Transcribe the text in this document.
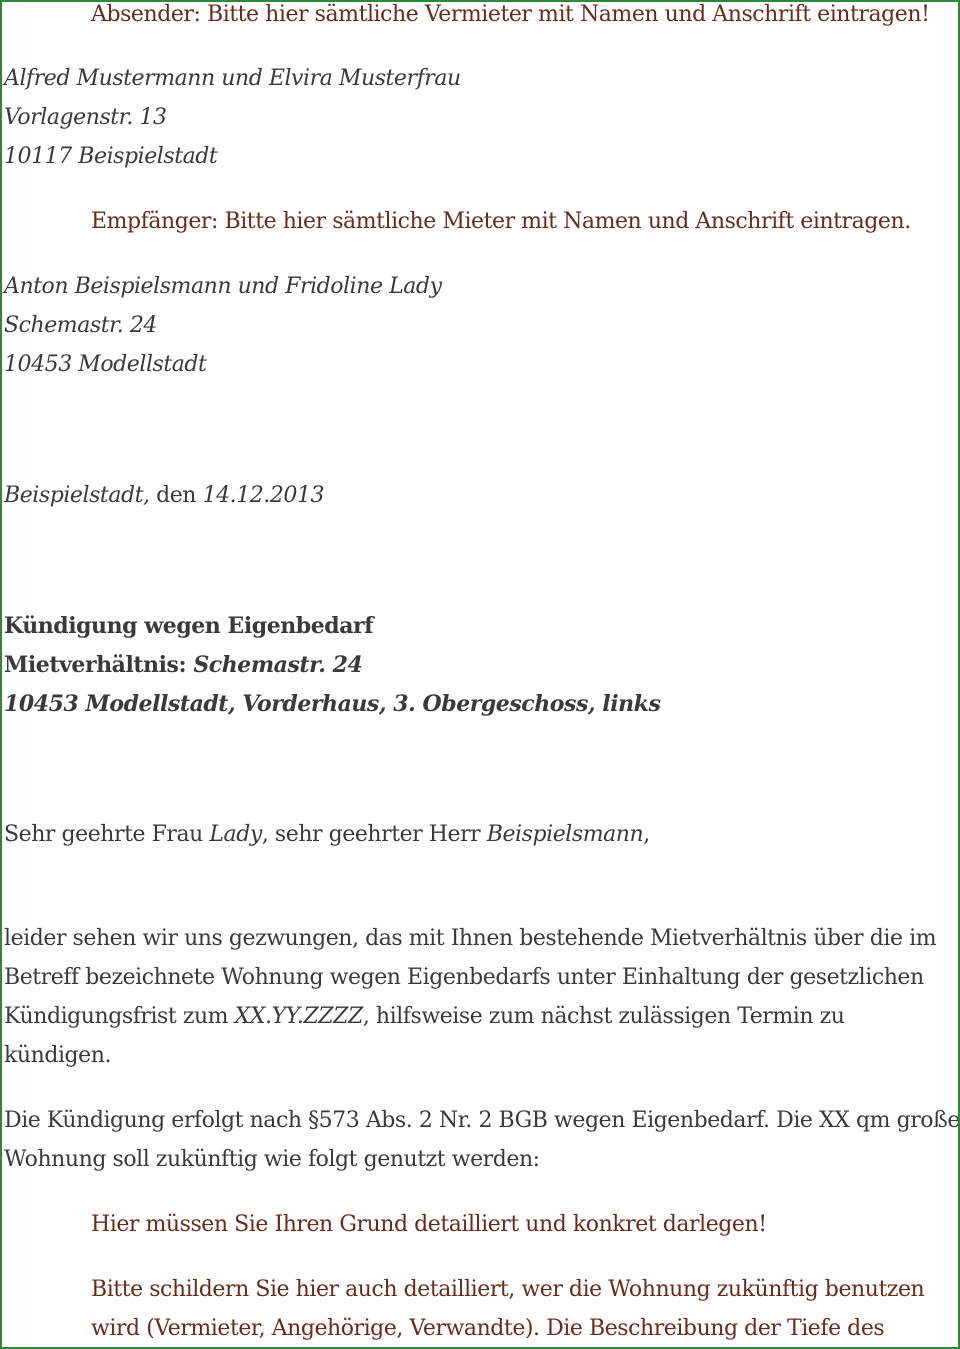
Absender: Bitte hier sämtliche Vermieter mit Namen und Anschrift eintragen!
Alfred Mustermann und Elvira Musterfrau
Vorlagenstr. 13
10117 Beispielstadt
Empfänger: Bitte hier sämtliche Mieter mit Namen und Anschrift eintragen.
Anton Beispielsmann und Fridoline Lady
Schemastr. 24
10453 Modellstadt
Beispielstadt, den 14.12.2013
Kündigung wegen Eigenbedarf
Mietverhältnis: Schemastr. 24
10453 Modellstadt, Vorderhaus, 3. Obergeschoss, links
Sehr geehrte Frau Lady, sehr geehrter Herr Beispielsmann,
leider sehen wir uns gezwungen, das mit Ihnen bestehende Mietverhältnis über die im
Betreff bezeichnete Wohnung wegen Eigenbedarfs unter Einhaltung der gesetzlichen
Kündigungsfrist zum XX.YY.ZZZZ, hilfsweise zum nächst zulässigen Termin zu
kündigen.
Die Kündigung erfolgt nach §573 Abs. 2 Nr. 2 BGB wegen Eigenbedarf. Die XX qm große
Wohnung soll zukünftig wie folgt genutzt werden:
Hier müssen Sie Ihren Grund detailliert und konkret darlegen!
Bitte schildern Sie hier auch detailliert, wer die Wohnung zukünftig benutzen
wird (Vermieter, Angehörige, Verwandte). Die Beschreibung der Tiefe des
